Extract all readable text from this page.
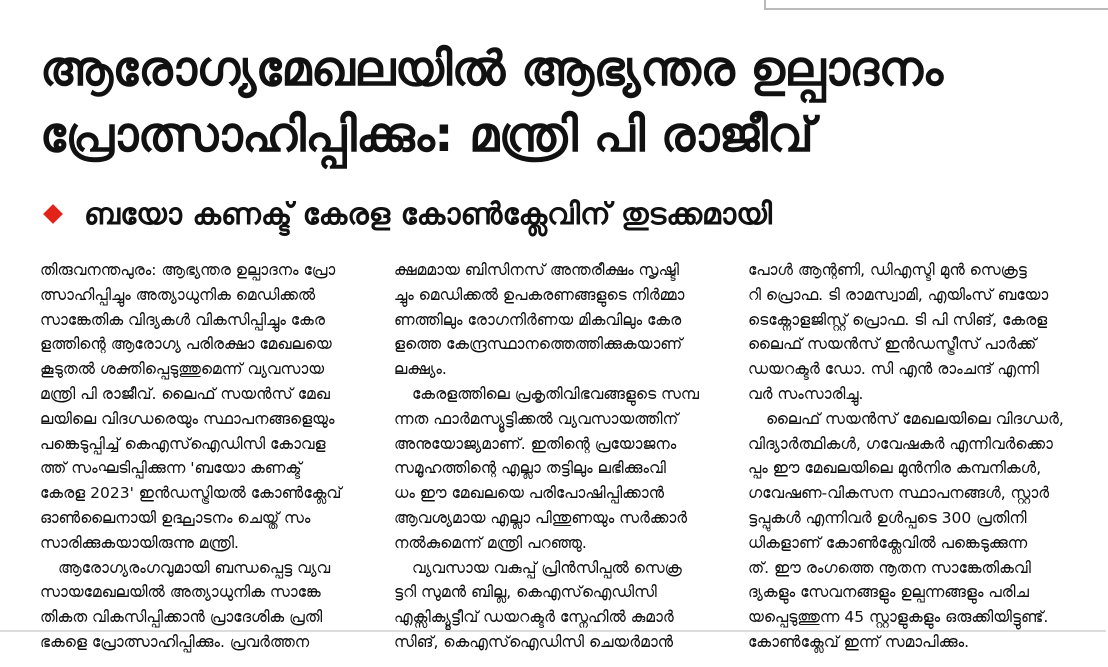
ആരോഗ്യമേഖലയിൽ ആഭ്യന്തര ഉല്പാദനം
പ്രോത്സാഹിപ്പിക്കും: മന്ത്രി പി രാജീവ്
ബയോ കണക്ട് കേരള കോൺക്ലേവിന് തുടക്കമായി
തിരുവനന്തപുരം: ആഭ്യന്തര ഉല്പാദനം പ്രോ
ത്സാഹിപ്പിച്ചും അത്യാധുനിക മെഡിക്കൽ
സാങ്കേതിക വിദ്യകൾ വികസിപ്പിച്ചും കേര
ളത്തിന്റെ ആരോഗ്യ പരിരക്ഷാ മേഖലയെ
കൂടുതൽ ശക്തിപ്പെടുത്തുമെന്ന് വ്യവസായ
മന്ത്രി പി രാജീവ്. ലൈഫ് സയൻസ് മേഖ
ലയിലെ വിദഗ്ധരെയും സ്ഥാപനങ്ങളെയും
പങ്കെടുപ്പിച്ച് കെഎസ്ഐഡിസി കോവള
ത്ത് സംഘടിപ്പിക്കുന്ന 'ബയോ കണക്ട്
കേരള 2023' ഇൻഡസ്ട്രിയൽ കോൺക്ലേവ്
ഓൺലൈനായി ഉദ്ഘാടനം ചെയ്ത് സം
സാരിക്കുകയായിരുന്നു മന്ത്രി.
ആരോഗ്യരംഗവുമായി ബന്ധപ്പെട്ട വ്യവ
സായമേഖലയിൽ അത്യാധുനിക സാങ്കേ
തികത വികസിപ്പിക്കാൻ പ്രാദേശിക പ്രതി
ഭകളെ പ്രോത്സാഹിപ്പിക്കും. പ്രവർത്തന
ക്ഷമമായ ബിസിനസ് അന്തരീക്ഷം സൃഷ്ടി
ച്ചും മെഡിക്കൽ ഉപകരണങ്ങളുടെ നിർമ്മാ
ണത്തിലും രോഗനിർണയ മികവിലും കേര
ളത്തെ കേന്ദ്രസ്ഥാനത്തെത്തിക്കുകയാണ്
ലക്ഷ്യം.
കേരളത്തിലെ പ്രകൃതിവിഭവങ്ങളുടെ സമ്പ
ന്നത ഫാർമസ്യൂട്ടിക്കൽ വ്യവസായത്തിന്
അനുയോജ്യമാണ്. ഇതിന്റെ പ്രയോജനം
സമൂഹത്തിന്റെ എല്ലാ തട്ടിലും ലഭിക്കുംവി
ധം ഈ മേഖലയെ പരിപോഷിപ്പിക്കാൻ
ആവശ്യമായ എല്ലാ പിന്തുണയും സർക്കാർ
നൽകുമെന്ന് മന്ത്രി പറഞ്ഞു.
വ്യവസായ വകുപ്പ് പ്രിൻസിപ്പൽ സെക്ര
ട്ടറി സുമൻ ബില്ല, കെഎസ്ഐഡിസി
എക്സിക്യൂട്ടീവ് ഡയറക്ടർ സ്നേഹിൽ കുമാർ
സിങ്, കെഎസ്ഐഡിസി ചെയർമാൻ
പോൾ ആന്റണി, ഡിഎസ്ടി മുൻ സെക്രട്ട
റി പ്രൊഫ. ടി രാമസ്വാമി, എയിംസ് ബയോ
ടെക്നോളജിസ്റ്റ് പ്രൊഫ. ടി പി സിങ്, കേരള
ലൈഫ് സയൻസ് ഇൻഡസ്ട്രീസ് പാർക്ക്
ഡയറക്ടർ ഡോ. സി എൻ രാംചന്ദ് എന്നി
വർ സംസാരിച്ചു.
ലൈഫ് സയൻസ് മേഖലയിലെ വിദഗ്ധർ,
വിദ്യാർത്ഥികൾ, ഗവേഷകർ എന്നിവർക്കൊ
പ്പം ഈ മേഖലയിലെ മുൻനിര കമ്പനികൾ,
ഗവേഷണ-വികസന സ്ഥാപനങ്ങൾ, സ്റ്റാർ
ട്ടപ്പുകൾ എന്നിവർ ഉൾപ്പടെ 300 പ്രതിനി
ധികളാണ് കോൺക്ലേവിൽ പങ്കെടുക്കുന്ന
ത്. ഈ രംഗത്തെ നൂതന സാങ്കേതികവി
ദ്യകളും സേവനങ്ങളും ഉല്പന്നങ്ങളും പരിച
യപ്പെടുത്തുന്ന 45 സ്റ്റാളുകളും ഒരുക്കിയിട്ടുണ്ട്.
കോൺക്ലേവ് ഇന്ന് സമാപിക്കും.
